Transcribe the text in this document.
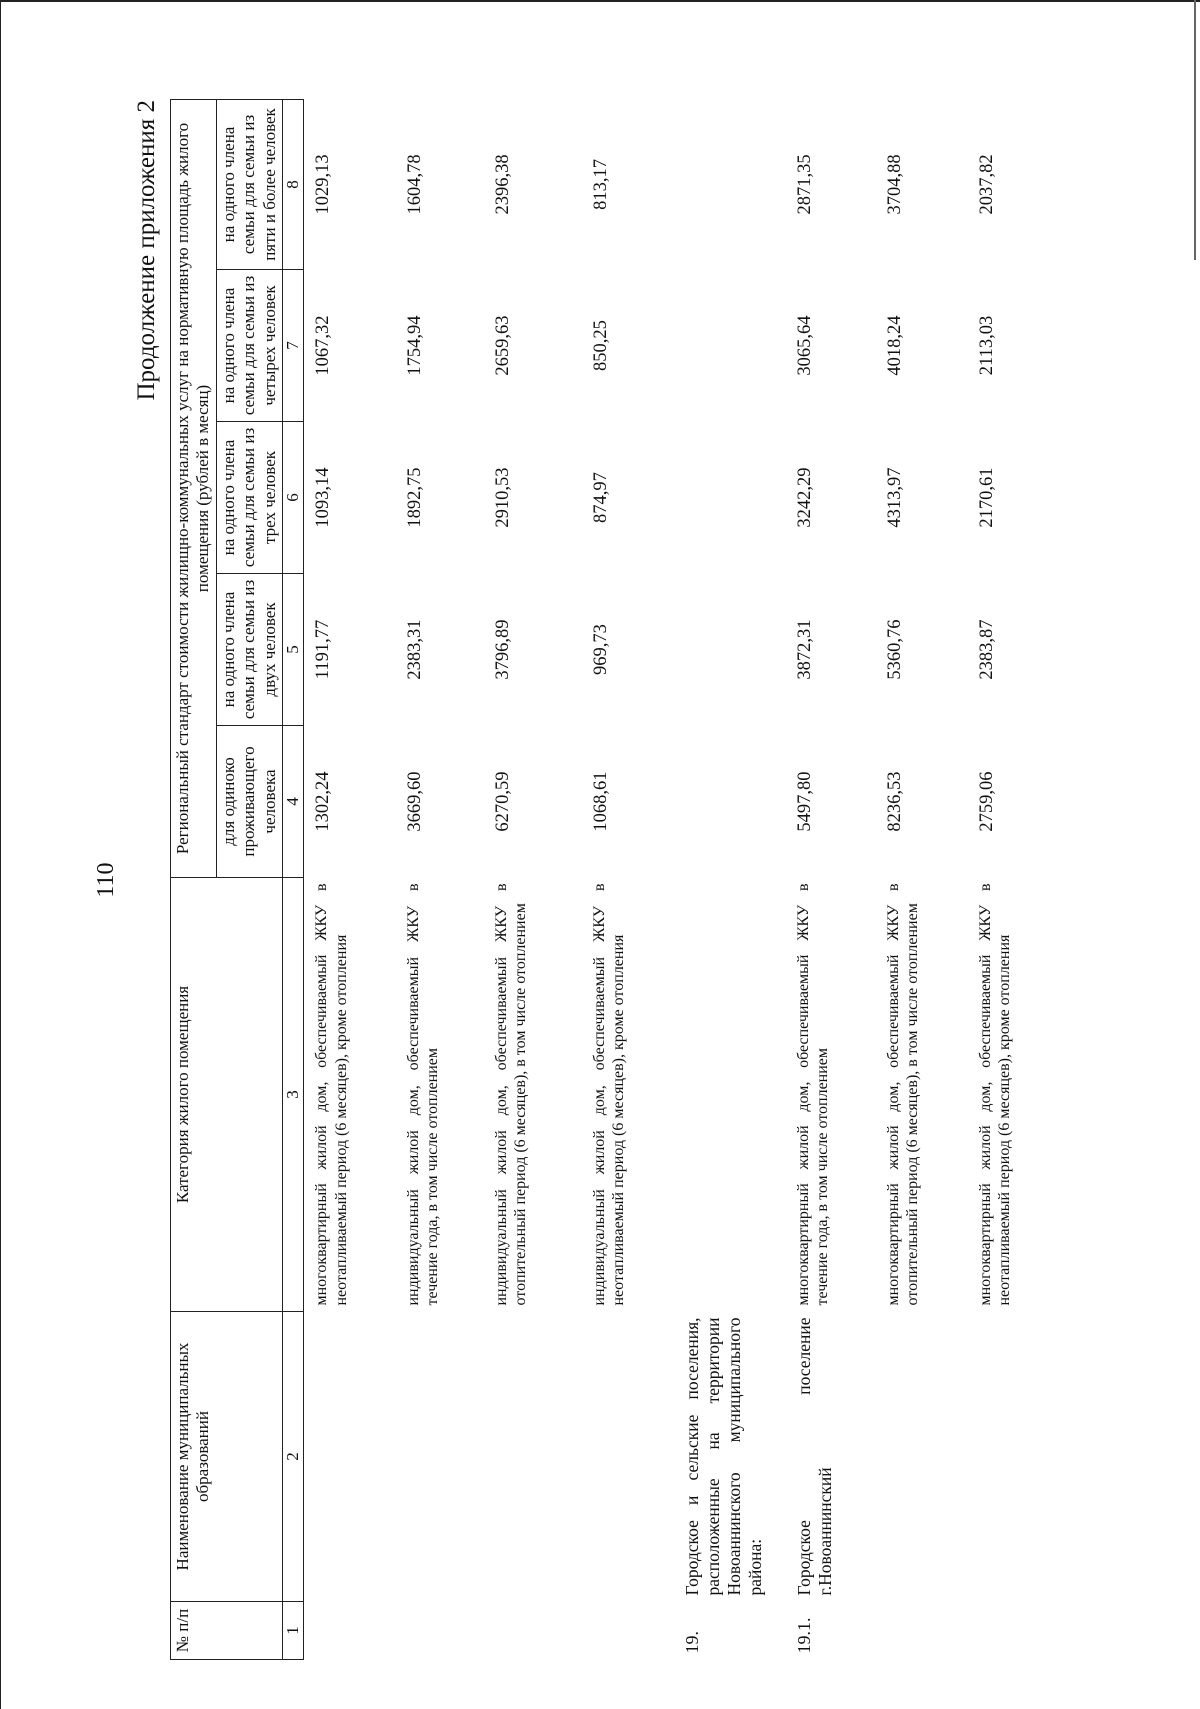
110
Продолжение приложения 2
№ п/п	Наименование муниципальных образований	Категория жилого помещения	Региональный стандарт стоимости жилищно-коммунальных услуг на нормативную площадь жилого помещения (рублей в месяц)				
			для одиноко проживающего человека	на одного члена семьи для семьи из двух человек	на одного члена семьи для семьи из трех человек	на одного члена семьи для семьи из четырех человек	на одного члена семьи для семьи из пяти и более человек
1	2	3	4	5	6	7	8
		многоквартирный жилой дом, обеспечиваемый ЖКУ в неотапливаемый период (6 месяцев), кроме отопления	1302,24	1191,77	1093,14	1067,32	1029,13
		индивидуальный жилой дом, обеспечиваемый ЖКУ в течение года, в том числе отоплением	3669,60	2383,31	1892,75	1754,94	1604,78
		индивидуальный жилой дом, обеспечиваемый ЖКУ в отопительный период (6 месяцев), в том числе отоплением	6270,59	3796,89	2910,53	2659,63	2396,38
		индивидуальный жилой дом, обеспечиваемый ЖКУ в неотапливаемый период (6 месяцев), кроме отопления	1068,61	969,73	874,97	850,25	813,17
19.	Городское и сельские поселения, расположенные на территории Новоаннинского муниципального района:						
19.1.	Городское поселение г.Новоаннинский	многоквартирный жилой дом, обеспечиваемый ЖКУ в течение года, в том числе отоплением	5497,80	3872,31	3242,29	3065,64	2871,35
		многоквартирный жилой дом, обеспечиваемый ЖКУ в отопительный период (6 месяцев), в том числе отоплением	8236,53	5360,76	4313,97	4018,24	3704,88
		многоквартирный жилой дом, обеспечиваемый ЖКУ в неотапливаемый период (6 месяцев), кроме отопления	2759,06	2383,87	2170,61	2113,03	2037,82
